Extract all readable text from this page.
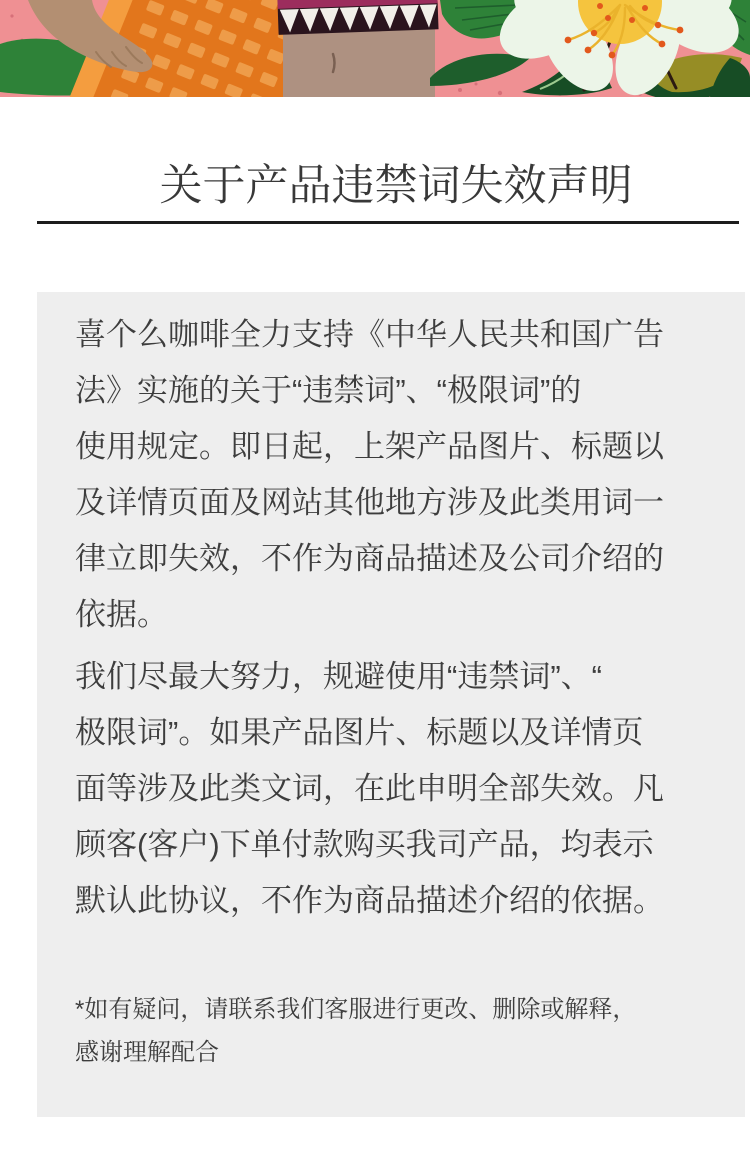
关于产品违禁词失效声明
喜个么咖啡全力支持《中华人民共和国广告
法》实施的关于“违禁词”、“极限词”的
使用规定。即日起，上架产品图片、标题以
及详情页面及网站其他地方涉及此类用词一
律立即失效，不作为商品描述及公司介绍的
依据。
我们尽最大努力，规避使用“违禁词”、“
极限词”。如果产品图片、标题以及详情页
面等涉及此类文词，在此申明全部失效。凡
顾客(客户)下单付款购买我司产品，均表示
默认此协议，不作为商品描述介绍的依据。
*如有疑问，请联系我们客服进行更改、删除或解释，
感谢理解配合
